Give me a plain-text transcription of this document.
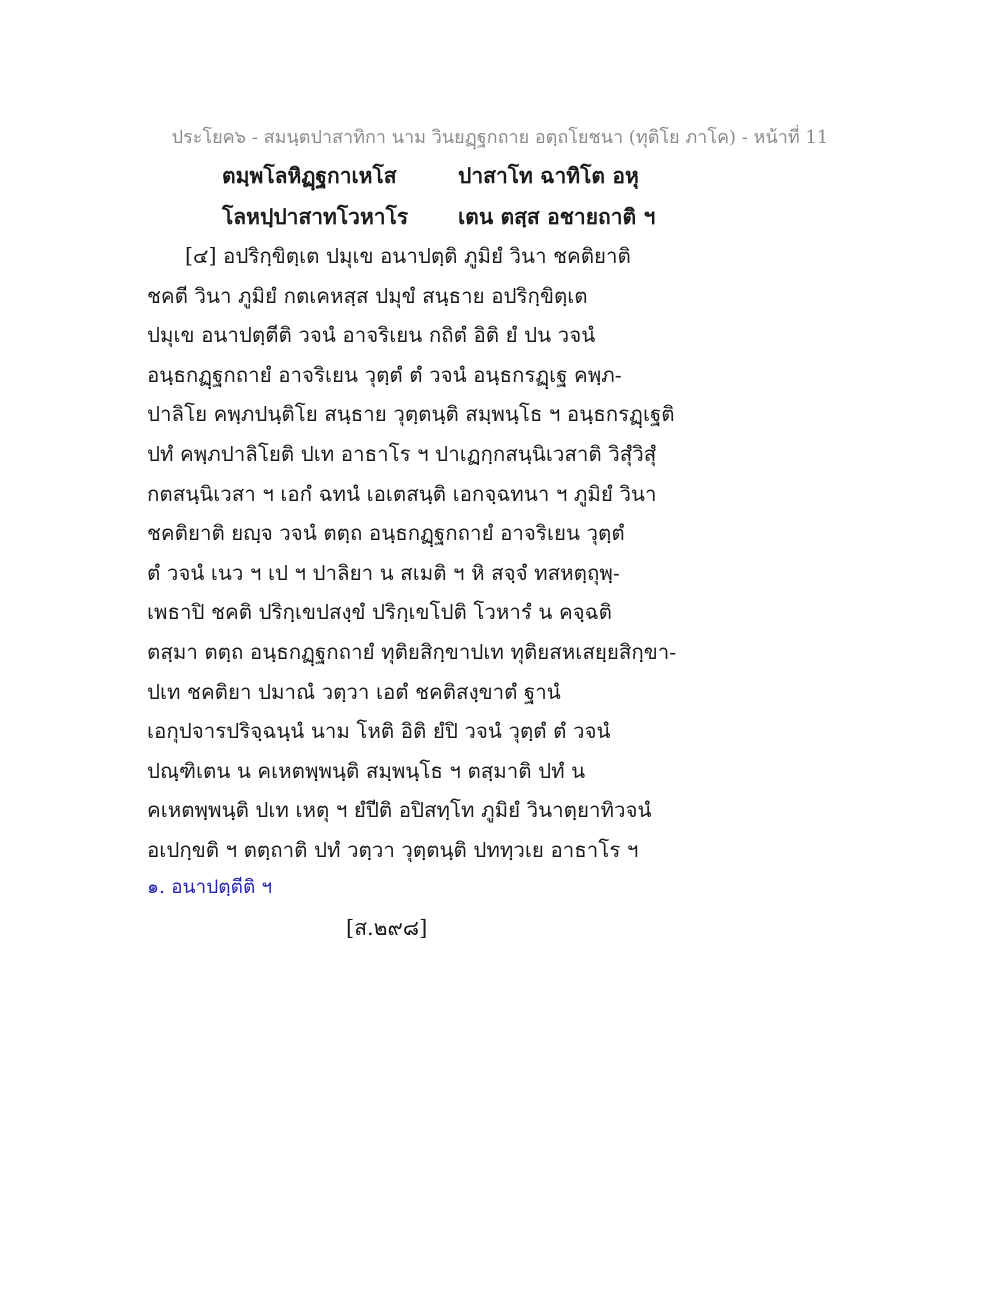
ประโยค๖ - สมนฺตปาสาทิกา นาม วินยฏฺฐกถาย อตฺถโยชนา (ทุติโย ภาโค) - หน้าที่ 11
ตมฺพโลหิฏฺฐกาเหโส	ปาสาโท ฉาทิโต อหุ
โลหปฺปาสาทโวหาโร เตน ตสฺส อชายถาติ ฯ
[๔] อปริกฺขิตฺเต ปมุเข อนาปตฺติ ภูมิยํ วินา ชคติยาติ
ชคตี วินา ภูมิยํ กตเคหสฺส ปมุขํ สนฺธาย อปริกฺขิตฺเต
ปมุเข อนาปตฺตีติ วจนํ อาจริเยน กถิตํ อิติ ยํ ปน วจนํ
อนฺธกฏฺฐกถายํ อาจริเยน วุตฺตํ ตํ วจนํ อนฺธกรฏฺเฐ คพฺภ-
ปาลิโย คพฺภปนฺติโย สนฺธาย วุตฺตนฺติ สมฺพนฺโธ ฯ อนฺธกรฏฺเฐติ
ปทํ คพฺภปาลิโยติ ปเท อาธาโร ฯ ปาเฏกฺกสนฺนิเวสาติ วิสุํวิสุํ
กตสนฺนิเวสา ฯ เอกํ ฉทนํ เอเตสนฺติ เอกจฺฉทนา ฯ ภูมิยํ วินา
ชคติยาติ ยญฺจ วจนํ ตตฺถ อนฺธกฏฺฐกถายํ อาจริเยน วุตฺตํ
ตํ วจนํ เนว ฯ เป ฯ ปาลิยา น สเมติ ฯ หิ สจฺจํ ทสหตฺถุพฺ-
เพธาปิ ชคติ ปริกฺเขปสงฺขํ ปริกฺเขโปติ โวหารํ น คจฺฉติ
ตสฺมา ตตฺถ อนฺธกฏฺฐกถายํ ทุติยสิกฺขาปเท ทุติยสหเสยฺยสิกฺขา-
ปเท ชคติยา ปมาณํ วตฺวา เอตํ ชคติสงฺขาตํ ฐานํ
เอกุปจารปริจฺฉนฺนํ นาม โหติ อิติ ยํปิ วจนํ วุตฺตํ ตํ วจนํ
ปณฺฑิเตน น คเหตพฺพนฺติ สมฺพนฺโธ ฯ ตสฺมาติ ปทํ น
คเหตพฺพนฺติ ปเท เหตุ ฯ ยํปีติ อปิสทฺโท ภูมิยํ วินาตฺยาทิวจนํ
อเปกฺขติ ฯ ตตฺถาติ ปทํ วตฺวา วุตฺตนฺติ ปททฺวเย อาธาโร ฯ
๑. อนาปตฺตีติ ฯ
[ส.๒๙๘]
